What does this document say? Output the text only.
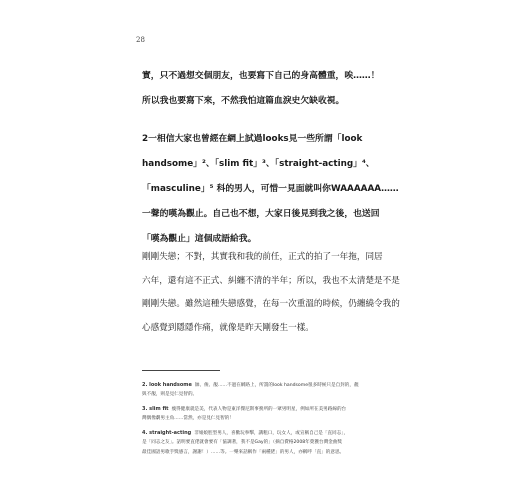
28
實，只不過想交個朋友，也要寫下自己的身高體重，唉……！
所以我也要寫下來，不然我怕這篇血淚史欠缺收視。
2一相信大家也曾經在網上試過looks見一些所謂「look
handsome」²、「slim fit」³、「straight-acting」⁴、
「masculine」⁵ 科的男人，可惜一見面就叫你WAAAAAA……
一聲的嘆為觀止。自己也不想，大家日後見到我之後，也送回
「嘆為觀止」這個成語給我。
剛剛失戀；不對，其實我和我的前任，正式的拍了一年拖，同居
六年，還有這不正式、糾纏不清的半年；所以，我也不太清楚是不是
剛剛失戀。雖然這種失戀感覺，在每一次重溫的時候，仍纏繞令我的
心感覺到隱隱作痛，就像是昨天剛發生一樣。
2. look handsome 帥、俊、靚……不過在網路上，所謂的look handsome很多時候只是自封的，靚
與不靚，則是見仁見智的。
3. slim fit 瘦得健康就是美，代表人物是東洋傑尼斯事務所的一眾男明星，例如所在美男路線的台
灣偶像劇男主角……當然，亦是見仁見智的！
4. straight-acting 非娘娘腔型男人，喜歡玩拳擊，講粗口，玩女人，或宣稱自己是「直同志」，
是「同志之友」。話明要直佬就會要有「協調著，我不是Gay的」（摘自費格2008年榮獲台灣金曲獎
最佳國語男歌手獎感言，謝謝！）……等。一樂來話稱作「兩種佬」的男人，亦稱呼「直」的意思。
